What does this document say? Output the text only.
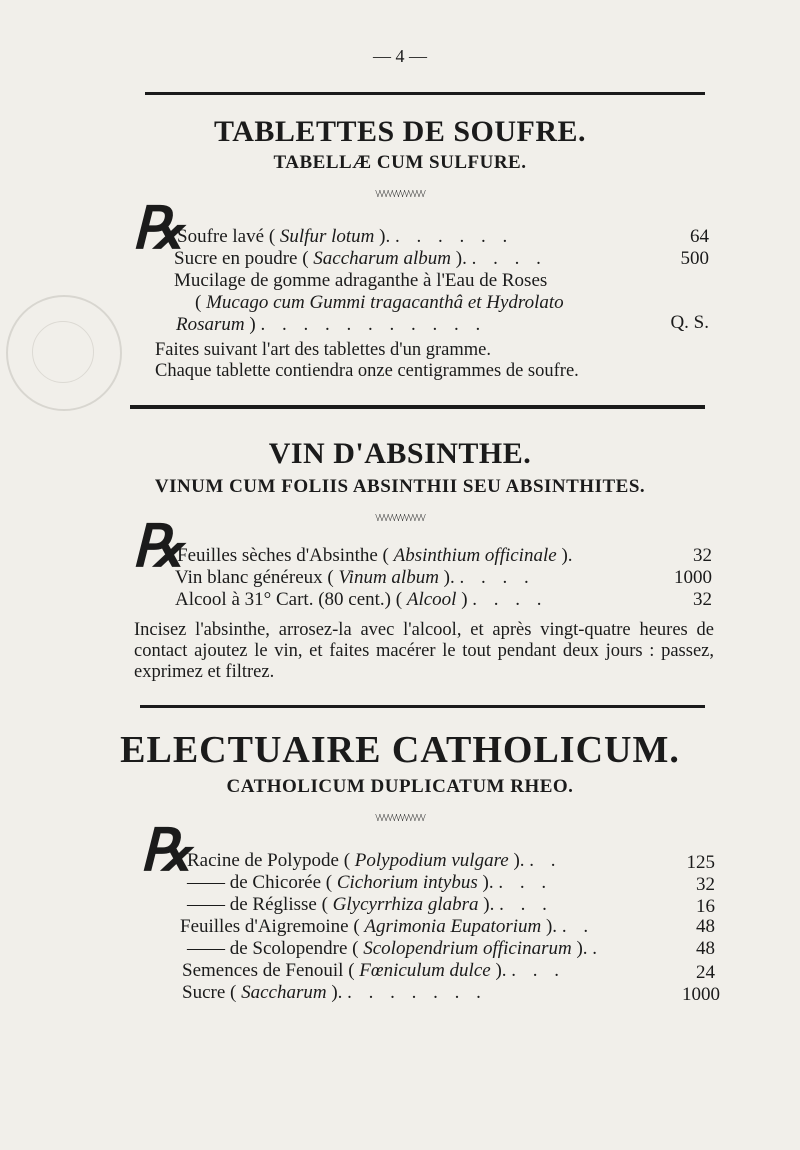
— 4 —
TABLETTES DE SOUFRE.
TABELLÆ CUM SULFURE.
\/\/\/\/\/\/\/\/\/\/\/\/
℞
Soufre lavé ( Sulfur lotum ). . . . . . .	64
Sucre en poudre ( Saccharum album ). . . . .	500
Mucilage de gomme adraganthe à l'Eau de Roses
( Mucago cum Gummi tragacanthâ et Hydrolato
Rosarum ) . . . . . . . . . . .	Q. S.
Faites suivant l'art des tablettes d'un gramme.
Chaque tablette contiendra onze centigrammes de soufre.
VIN D'ABSINTHE.
VINUM CUM FOLIIS ABSINTHII SEU ABSINTHITES.
\/\/\/\/\/\/\/\/\/\/\/\/
℞
Feuilles sèches d'Absinthe ( Absinthium officinale ).	32
Vin blanc généreux ( Vinum album ). . . . .	1000
Alcool à 31° Cart. (80 cent.) ( Alcool ) . . . .	32
Incisez l'absinthe, arrosez-la avec l'alcool, et après vingt-quatre heures de contact ajoutez le vin, et faites macérer le tout pendant deux jours : passez, exprimez et filtrez.
ELECTUAIRE CATHOLICUM.
CATHOLICUM DUPLICATUM RHEO.
\/\/\/\/\/\/\/\/\/\/\/\/
℞
Racine de Polypode ( Polypodium vulgare ). . .	125
—— de Chicorée ( Cichorium intybus ). . . .	32
—— de Réglisse ( Glycyrrhiza glabra ). . . .	16
Feuilles d'Aigremoine ( Agrimonia Eupatorium ). . .	48
—— de Scolopendre ( Scolopendrium officinarum ). .	48
Semences de Fenouil ( Fœniculum dulce ). . . .	24
Sucre ( Saccharum ). . . . . . . .	1000
